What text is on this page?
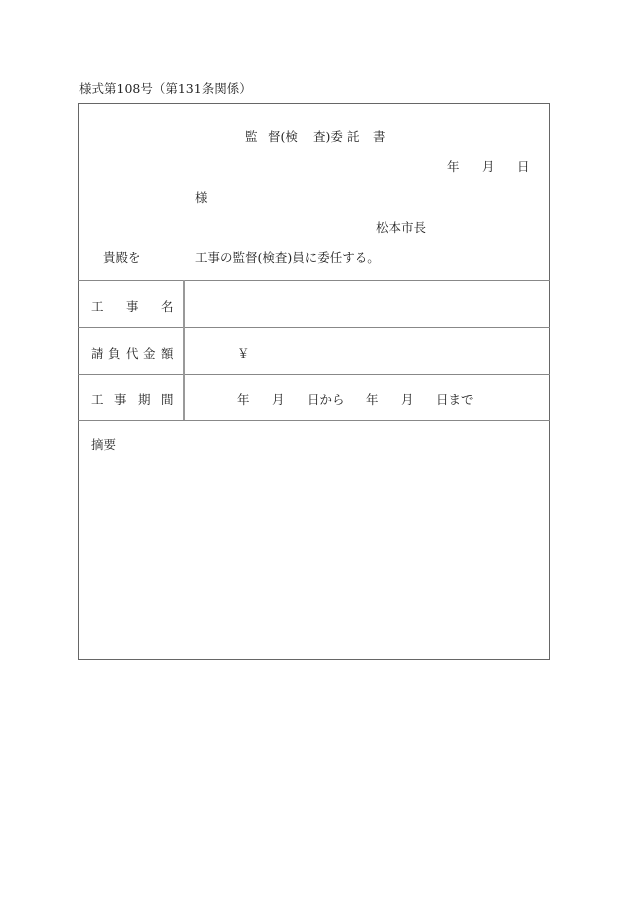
様式第108号（第131条関係）
監 督(検 査)委 託 書
年 月 日
様
松本市長
貴殿を	工事の監督(検査)員に委任する。
工 事 名
請 負 代 金 額	￥
工 事 期 間	年 月 日から 年 月 日まで
摘要
